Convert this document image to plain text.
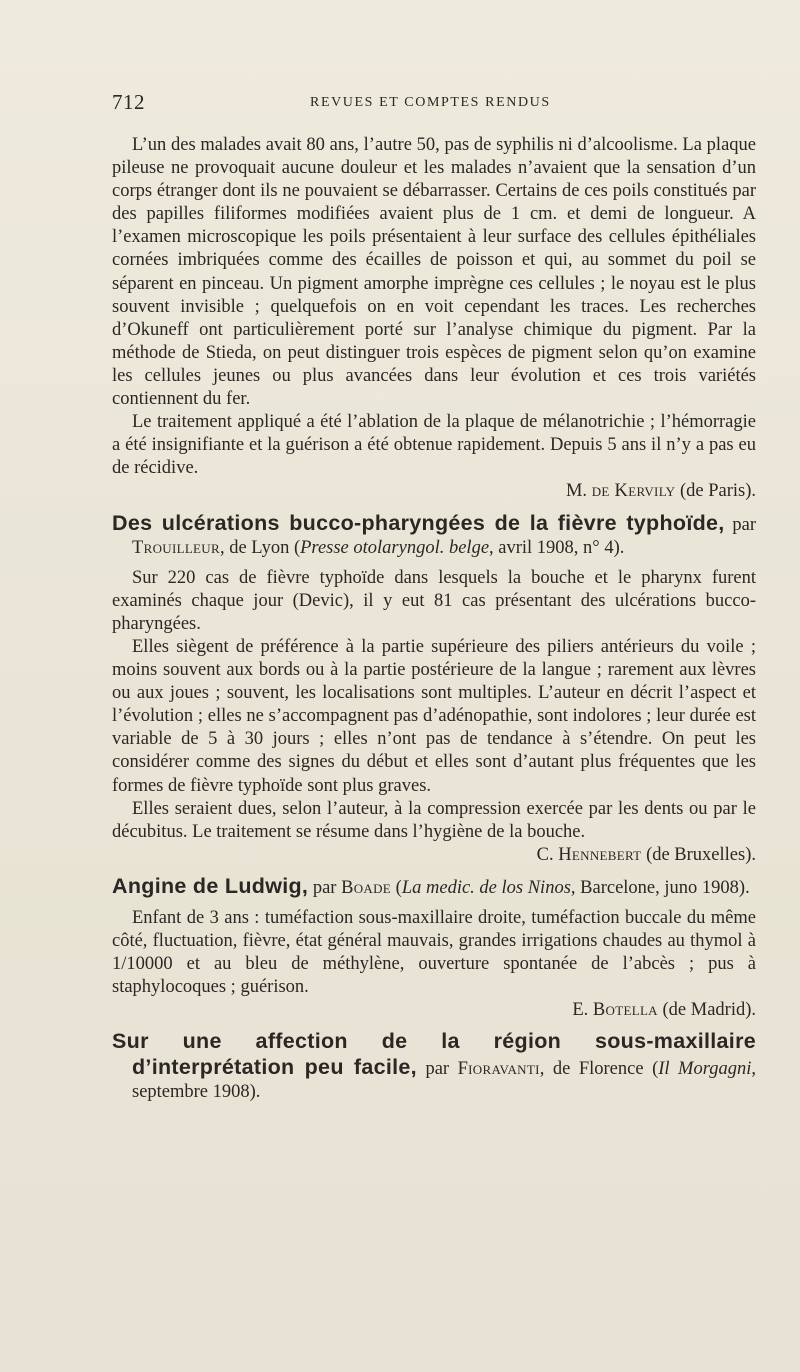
712	REVUES ET COMPTES RENDUS

L’un des malades avait 80 ans, l’autre 50, pas de syphilis ni d’alcoolisme. La plaque pileuse ne provoquait aucune douleur et les malades n’avaient que la sensation d’un corps étranger dont ils ne pouvaient se débarrasser. Certains de ces poils constitués par des papilles filiformes modifiées avaient plus de 1 cm. et demi de longueur. A l’examen microscopique les poils présentaient à leur surface des cellules épithéliales cornées imbriquées comme des écailles de poisson et qui, au sommet du poil se séparent en pinceau. Un pigment amorphe imprègne ces cellules ; le noyau est le plus souvent invisible ; quelquefois on en voit cependant les traces. Les recherches d’Okuneff ont particulièrement porté sur l’analyse chimique du pigment. Par la méthode de Stieda, on peut distinguer trois espèces de pigment selon qu’on examine les cellules jeunes ou plus avancées dans leur évolution et ces trois variétés contiennent du fer.

Le traitement appliqué a été l’ablation de la plaque de mélanotrichie ; l’hémorragie a été insignifiante et la guérison a été obtenue rapidement. Depuis 5 ans il n’y a pas eu de récidive.

M. de Kervily (de Paris).

Des ulcérations bucco-pharyngées de la fièvre typhoïde, par Trouilleur, de Lyon (Presse otolaryngol. belge, avril 1908, n° 4).

Sur 220 cas de fièvre typhoïde dans lesquels la bouche et le pharynx furent examinés chaque jour (Devic), il y eut 81 cas présentant des ulcérations bucco-pharyngées.

Elles siègent de préférence à la partie supérieure des piliers antérieurs du voile ; moins souvent aux bords ou à la partie postérieure de la langue ; rarement aux lèvres ou aux joues ; souvent, les localisations sont multiples. L’auteur en décrit l’aspect et l’évolution ; elles ne s’accompagnent pas d’adénopathie, sont indolores ; leur durée est variable de 5 à 30 jours ; elles n’ont pas de tendance à s’étendre. On peut les considérer comme des signes du début et elles sont d’autant plus fréquentes que les formes de fièvre typhoïde sont plus graves.

Elles seraient dues, selon l’auteur, à la compression exercée par les dents ou par le décubitus. Le traitement se résume dans l’hygiène de la bouche.

C. Hennebert (de Bruxelles).

Angine de Ludwig, par Boade (La medic. de los Ninos, Barcelone, juno 1908).

Enfant de 3 ans : tuméfaction sous-maxillaire droite, tuméfaction buccale du même côté, fluctuation, fièvre, état général mauvais, grandes irrigations chaudes au thymol à 1/10000 et au bleu de méthylène, ouverture spontanée de l’abcès ; pus à staphylocoques ; guérison.

E. Botella (de Madrid).

Sur une affection de la région sous-maxillaire d’interprétation peu facile, par Fioravanti, de Florence (Il Morgagni, septembre 1908).
